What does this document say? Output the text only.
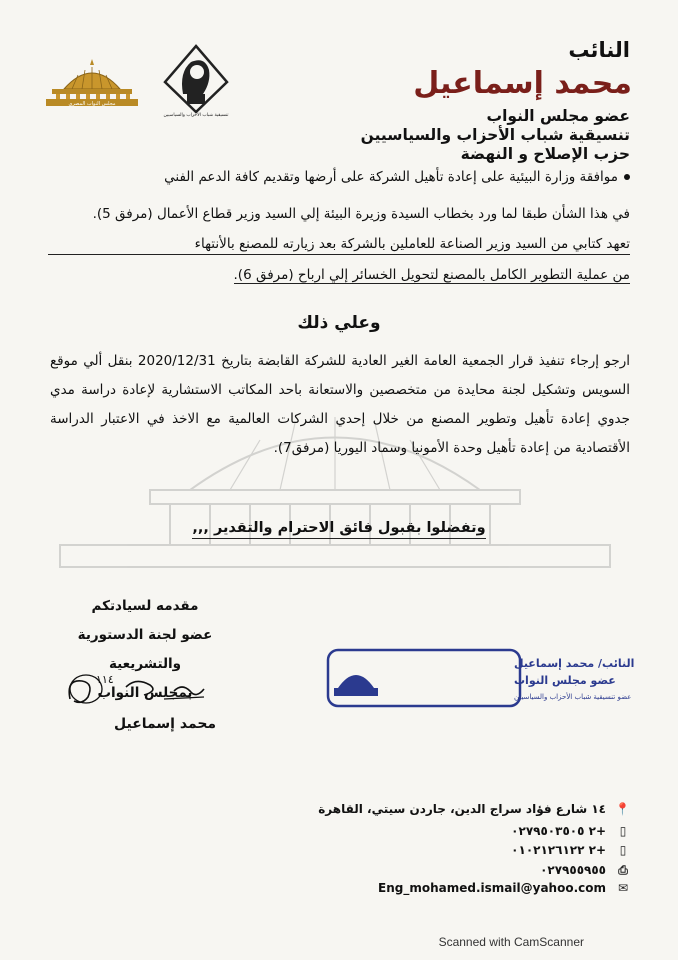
مجلس النواب المصري
تنسيقية شباب الأحزاب والسياسيين
النائب
محمد إسماعيل
عضو مجلس النواب
تنسيقية شباب الأحزاب والسياسيين
حزب الإصلاح و النهضة
موافقة وزارة البيئية على إعادة تأهيل الشركة على أرضها وتقديم كافة الدعم الفني
في هذا الشأن طبقا لما ورد بخطاب السيدة وزيرة البيئة إلي السيد وزير قطاع الأعمال (مرفق 5).
تعهد كتابي من السيد وزير الصناعة للعاملين بالشركة بعد زيارته للمصنع بالأنتهاء
من عملية التطوير الكامل بالمصنع لتحويل الخسائر إلي ارباح (مرفق 6).
وعلي ذلك
ارجو إرجاء تنفيذ قرار الجمعية العامة الغير العادية للشركة القابضة بتاريخ 2020/12/31 بنقل ألي موقع السويس وتشكيل لجنة محايدة من متخصصين والاستعانة باحد المكاتب الاستشارية لإعادة دراسة مدي جدوي إعادة تأهيل وتطوير المصنع من خلال إحدي الشركات العالمية مع الاخذ في الاعتبار الدراسة الأقتصادية من إعادة تأهيل وحدة الأمونيا وسماد اليوريا (مرفق7).
وتفضلوا بقبول فائق الاحترام والتقدير ,,,
مقدمه لسيادتكم
عضو لجنة الدستورية والتشريعية
بمجلس النواب
١١٤
محمد إسماعيل
النائب/ محمد إسماعيل
عضو مجلس النواب
عضو تنسيقية شباب الأحزاب والسياسيين
📍١٤ شارع فؤاد سراج الدين، جاردن سيتي، القاهرة
▯+٢ ٠٢٧٩٥٠٣٥٠٥
▯+٢ ٠١٠٢١٢٦١٢٢
⎙٠٢٧٩٥٥٩٥٥
✉Eng_mohamed.ismail@yahoo.com
Scanned with CamScanner
